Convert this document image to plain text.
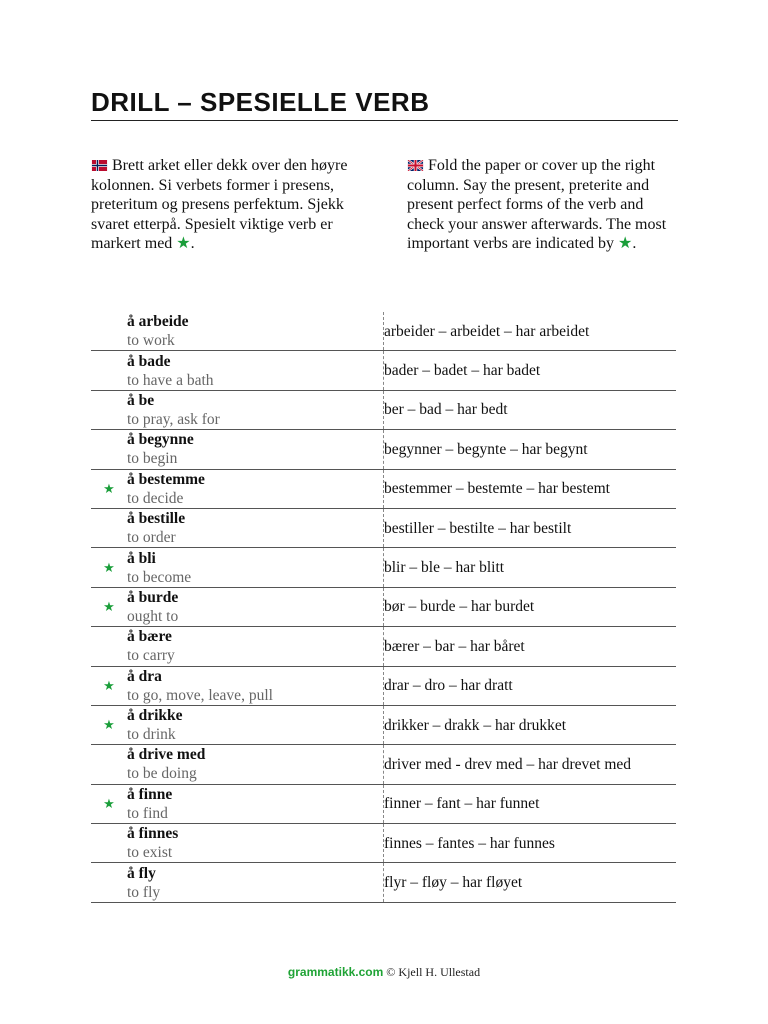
DRILL – SPESIELLE VERB
Brett arket eller dekk over den høyre kolonnen. Si verbets former i presens, preteritum og presens perfektum. Sjekk svaret etterpå. Spesielt viktige verb er markert med ★.
Fold the paper or cover up the right column. Say the present, preterite and present perfect forms of the verb and check your answer afterwards. The most important verbs are indicated by ★.

	å arbeide
to work	arbeider – arbeidet – har arbeidet

	å bade
to have a bath	bader – badet – har badet

	å be
to pray, ask for	ber – bad – har bedt

	å begynne
to begin	begynner – begynte – har begynt
★	å bestemme
to decide	bestemmer – bestemte – har bestemt

	å bestille
to order	bestiller – bestilte – har bestilt
★	å bli
to become	blir – ble – har blitt
★	å burde
ought to	bør – burde – har burdet

	å bære
to carry	bærer – bar – har båret
★	å dra
to go, move, leave, pull	drar – dro – har dratt
★	å drikke
to drink	drikker – drakk – har drukket

	å drive med
to be doing	driver med - drev med – har drevet med
★	å finne
to find	finner – fant – har funnet

	å finnes
to exist	finnes – fantes – har funnes

	å fly
to fly	flyr – fløy – har fløyet
grammatikk.com © Kjell H. Ullestad
